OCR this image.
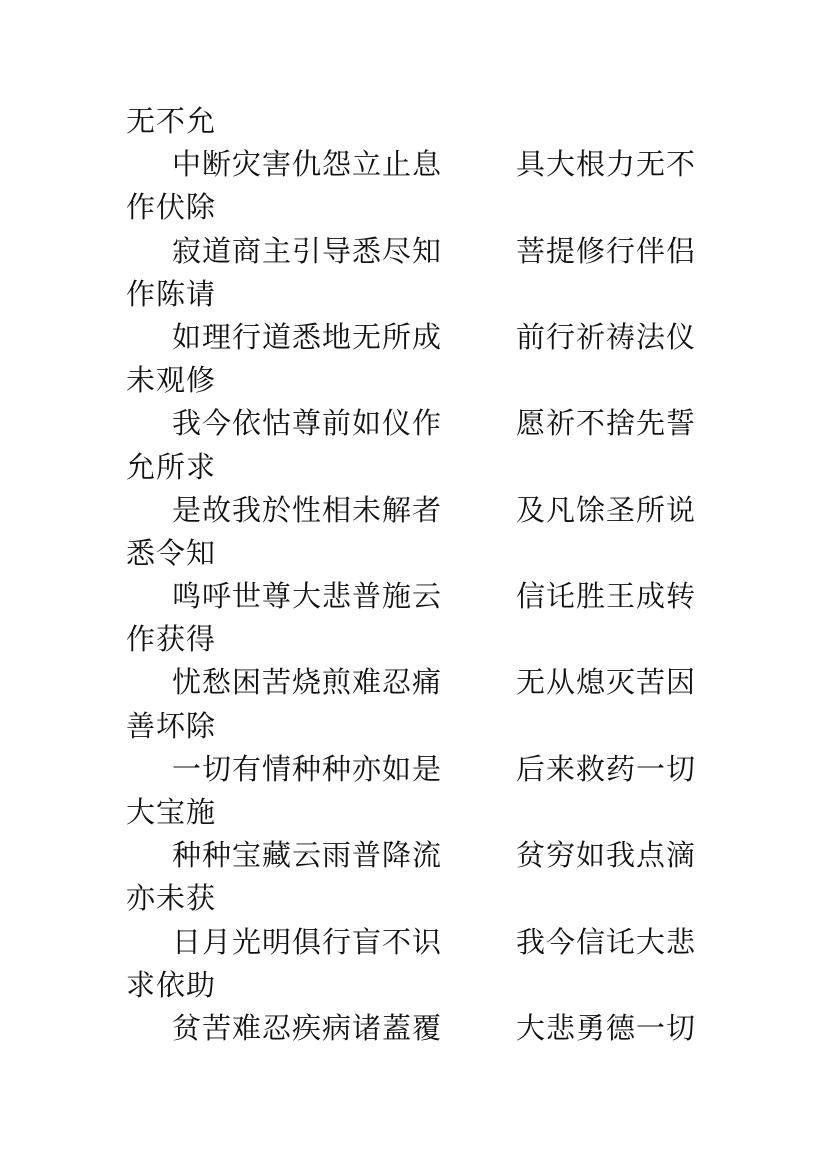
无不允
中断灾害仇怨立止息	具大根力无不
作伏除
寂道商主引导悉尽知	菩提修行伴侣
作陈请
如理行道悉地无所成	前行祈祷法仪
未观修
我今依怙尊前如仪作	愿祈不捨先誓
允所求
是故我於性相未解者	及凡馀圣所说
悉令知
鸣呼世尊大悲普施云	信讬胜王成转
作获得
忧愁困苦烧煎难忍痛	无从熄灭苦因
善坏除
一切有情种种亦如是	后来救药一切
大宝施
种种宝藏云雨普降流	贫穷如我点滴
亦未获
日月光明俱行盲不识	我今信讬大悲
求依助
贫苦难忍疾病诸蓋覆	大悲勇德一切
